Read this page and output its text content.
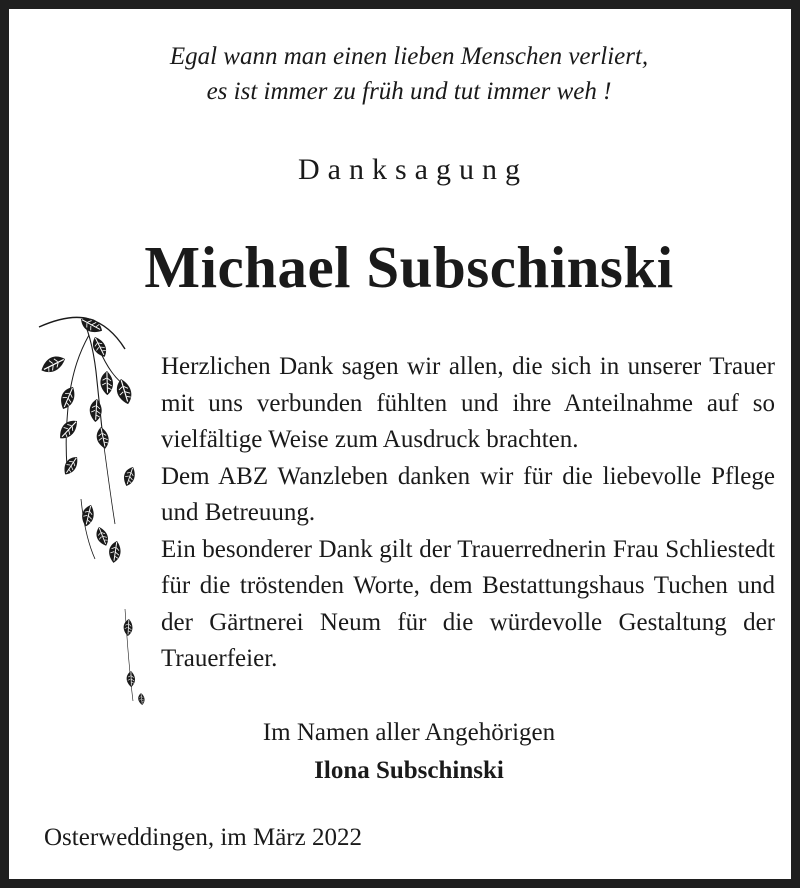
Egal wann man einen lieben Menschen verliert,
es ist immer zu früh und tut immer weh !
Danksagung
Michael Subschinski
Herzlichen Dank sagen wir allen, die sich in unserer Trauer mit uns verbunden fühlten und ihre Anteilnahme auf so vielfältige Weise zum Ausdruck brachten.
Dem ABZ Wanzleben danken wir für die liebevolle Pflege und Betreuung.
Ein besonderer Dank gilt der Trauerrednerin Frau Schliestedt für die tröstenden Worte, dem Bestattungshaus Tuchen und der Gärtnerei Neum für die würdevolle Gestaltung der Trauerfeier.
Im Namen aller Angehörigen
Ilona Subschinski
Osterweddingen, im März 2022
